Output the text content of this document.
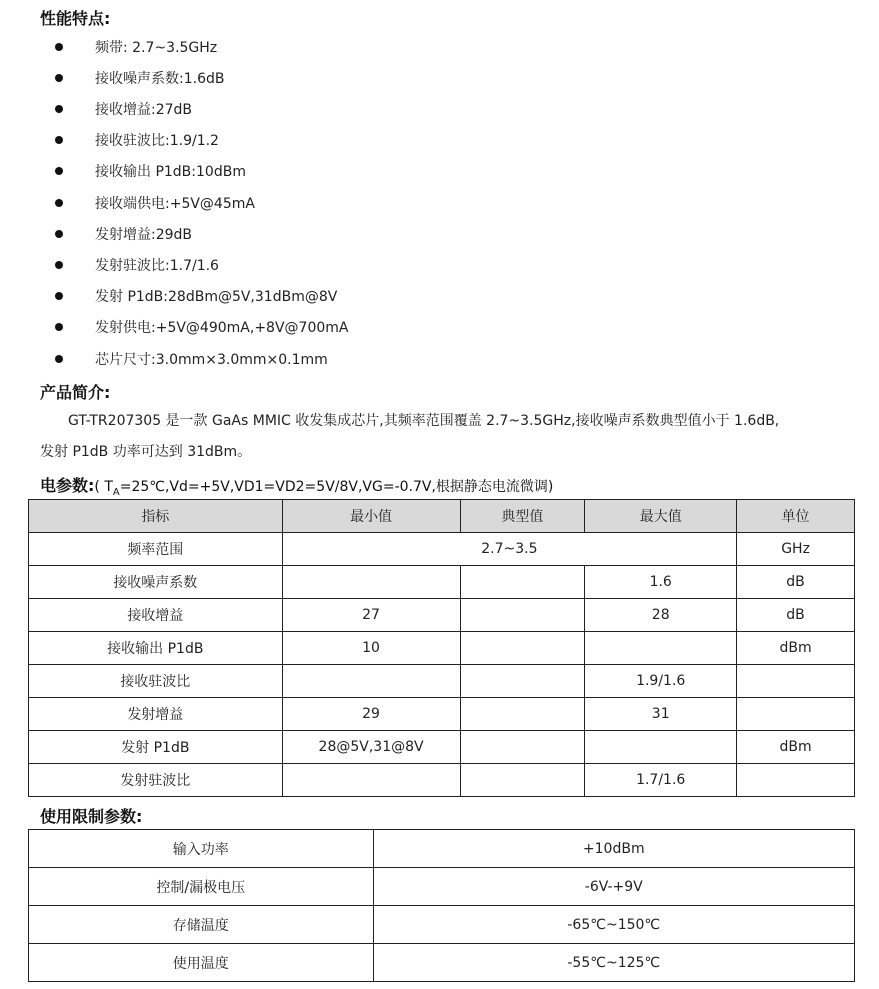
性能特点:
频带: 2.7~3.5GHz
接收噪声系数:1.6dB
接收增益:27dB
接收驻波比:1.9/1.2
接收输出 P1dB:10dBm
接收端供电:+5V@45mA
发射增益:29dB
发射驻波比:1.7/1.6
发射 P1dB:28dBm@5V,31dBm@8V
发射供电:+5V@490mA,+8V@700mA
芯片尺寸:3.0mm×3.0mm×0.1mm
产品简介:
GT-TR207305 是一款 GaAs MMIC 收发集成芯片,其频率范围覆盖 2.7~3.5GHz,接收噪声系数典型值小于 1.6dB,
发射 P1dB 功率可达到 31dBm。
电参数:( $T_A=25℃,Vd=+5V,VD1=VD2=5V/8V,VG=-0.7V$,根据静态电流微调)
指标	最小值	典型值	最大值	单位
频率范围	2.7~3.5			GHz
接收噪声系数			1.6	dB
接收增益	27		28	dB
接收输出 P1dB	10			dBm
接收驻波比			1.9/1.6	
发射增益	29		31	
发射 P1dB	28@5V,31@8V			dBm
发射驻波比			1.7/1.6	
使用限制参数:
输入功率	+10dBm
控制/漏极电压	-6V-+9V
存储温度	-65℃~150℃
使用温度	-55℃~125℃
